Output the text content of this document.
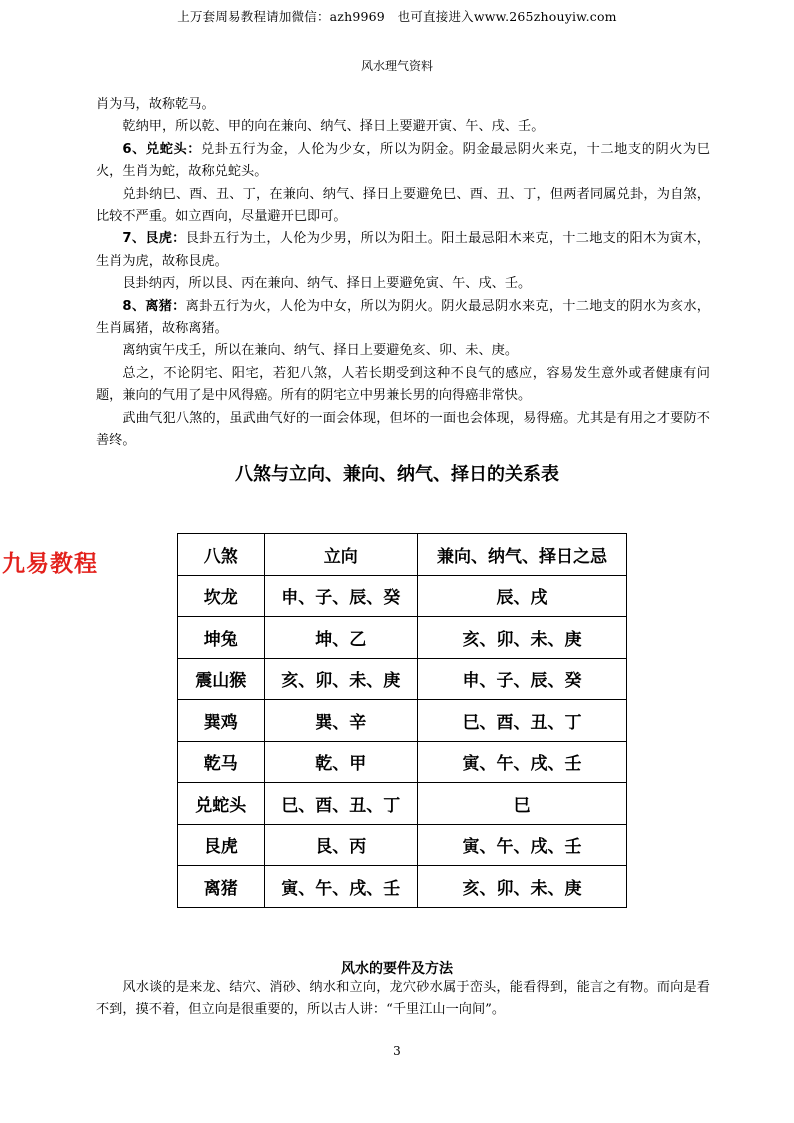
上万套周易教程请加微信：azh9969　也可直接进入www.265zhouyiw.com
风水理气资料

肖为马，故称乾马。

乾纳甲，所以乾、甲的向在兼向、纳气、择日上要避开寅、午、戌、壬。

6、兑蛇头：兑卦五行为金，人伦为少女，所以为阴金。阴金最忌阴火来克，十二地支的阴火为巳火，生肖为蛇，故称兑蛇头。

兑卦纳巳、酉、丑、丁，在兼向、纳气、择日上要避免巳、酉、丑、丁，但两者同属兑卦，为自煞，比较不严重。如立酉向，尽量避开巳即可。

7、艮虎：艮卦五行为土，人伦为少男，所以为阳土。阳土最忌阳木来克，十二地支的阳木为寅木，生肖为虎，故称艮虎。

艮卦纳丙，所以艮、丙在兼向、纳气、择日上要避免寅、午、戌、壬。

8、离猪：离卦五行为火，人伦为中女，所以为阴火。阴火最忌阴水来克，十二地支的阴水为亥水，生肖属猪，故称离猪。

离纳寅午戌壬，所以在兼向、纳气、择日上要避免亥、卯、未、庚。

总之，不论阴宅、阳宅，若犯八煞，人若长期受到这种不良气的感应，容易发生意外或者健康有问题，兼向的气用了是中风得癌。所有的阴宅立中男兼长男的向得癌非常快。

武曲气犯八煞的，虽武曲气好的一面会体现，但坏的一面也会体现，易得癌。尤其是有用之才要防不善终。

八煞与立向、兼向、纳气、择日的关系表
九易教程	八煞	立向	兼向、纳气、择日之忌
坎龙	申、子、辰、癸	辰、戌
坤兔	坤、乙	亥、卯、未、庚
震山猴	亥、卯、未、庚	申、子、辰、癸
巽鸡	巽、辛	巳、酉、丑、丁
乾马	乾、甲	寅、午、戌、壬
兑蛇头	巳、酉、丑、丁	巳
艮虎	艮、丙	寅、午、戌、壬
离猪	寅、午、戌、壬	亥、卯、未、庚
风水的要件及方法

风水谈的是来龙、结穴、消砂、纳水和立向，龙穴砂水属于峦头，能看得到，能言之有物。而向是看不到，摸不着，但立向是很重要的，所以古人讲：“千里江山一向间”。

3
